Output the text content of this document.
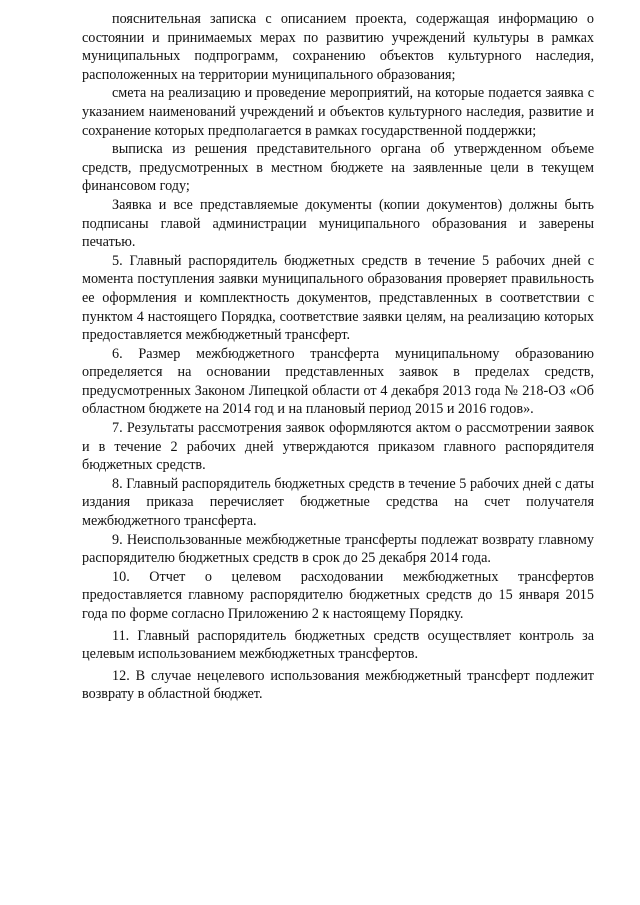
пояснительная записка с описанием проекта, содержащая информацию о состоянии и принимаемых мерах по развитию учреждений культуры в рамках муниципальных подпрограмм, сохранению объектов культурного наследия, расположенных на территории муниципального образования;

смета на реализацию и проведение мероприятий, на которые подается заявка с указанием наименований учреждений и объектов культурного наследия, развитие и сохранение которых предполагается в рамках государственной поддержки;

выписка из решения представительного органа об утвержденном объеме средств, предусмотренных в местном бюджете на заявленные цели в текущем финансовом году;

Заявка и все представляемые документы (копии документов) должны быть подписаны главой администрации муниципального образования и заверены печатью.

5. Главный распорядитель бюджетных средств в течение 5 рабочих дней с момента поступления заявки муниципального образования проверяет правильность ее оформления и комплектность документов, представленных в соответствии с пунктом 4 настоящего Порядка, соответствие заявки целям, на реализацию которых предоставляется межбюджетный трансферт.

6. Размер межбюджетного трансферта муниципальному образованию определяется на основании представленных заявок в пределах средств, предусмотренных Законом Липецкой области от 4 декабря 2013 года № 218-ОЗ «Об областном бюджете на 2014 год и на плановый период 2015 и 2016 годов».

7. Результаты рассмотрения заявок оформляются актом о рассмотрении заявок и в течение 2 рабочих дней утверждаются приказом главного распорядителя бюджетных средств.

8. Главный распорядитель бюджетных средств в течение 5 рабочих дней с даты издания приказа перечисляет бюджетные средства на счет получателя межбюджетного трансферта.

9. Неиспользованные межбюджетные трансферты подлежат возврату главному распорядителю бюджетных средств в срок до 25 декабря 2014 года.

10. Отчет о целевом расходовании межбюджетных трансфертов предоставляется главному распорядителю бюджетных средств до 15 января 2015 года по форме согласно Приложению 2 к настоящему Порядку.

11. Главный распорядитель бюджетных средств осуществляет контроль за целевым использованием межбюджетных трансфертов.

12. В случае нецелевого использования межбюджетный трансферт подлежит возврату в областной бюджет.
